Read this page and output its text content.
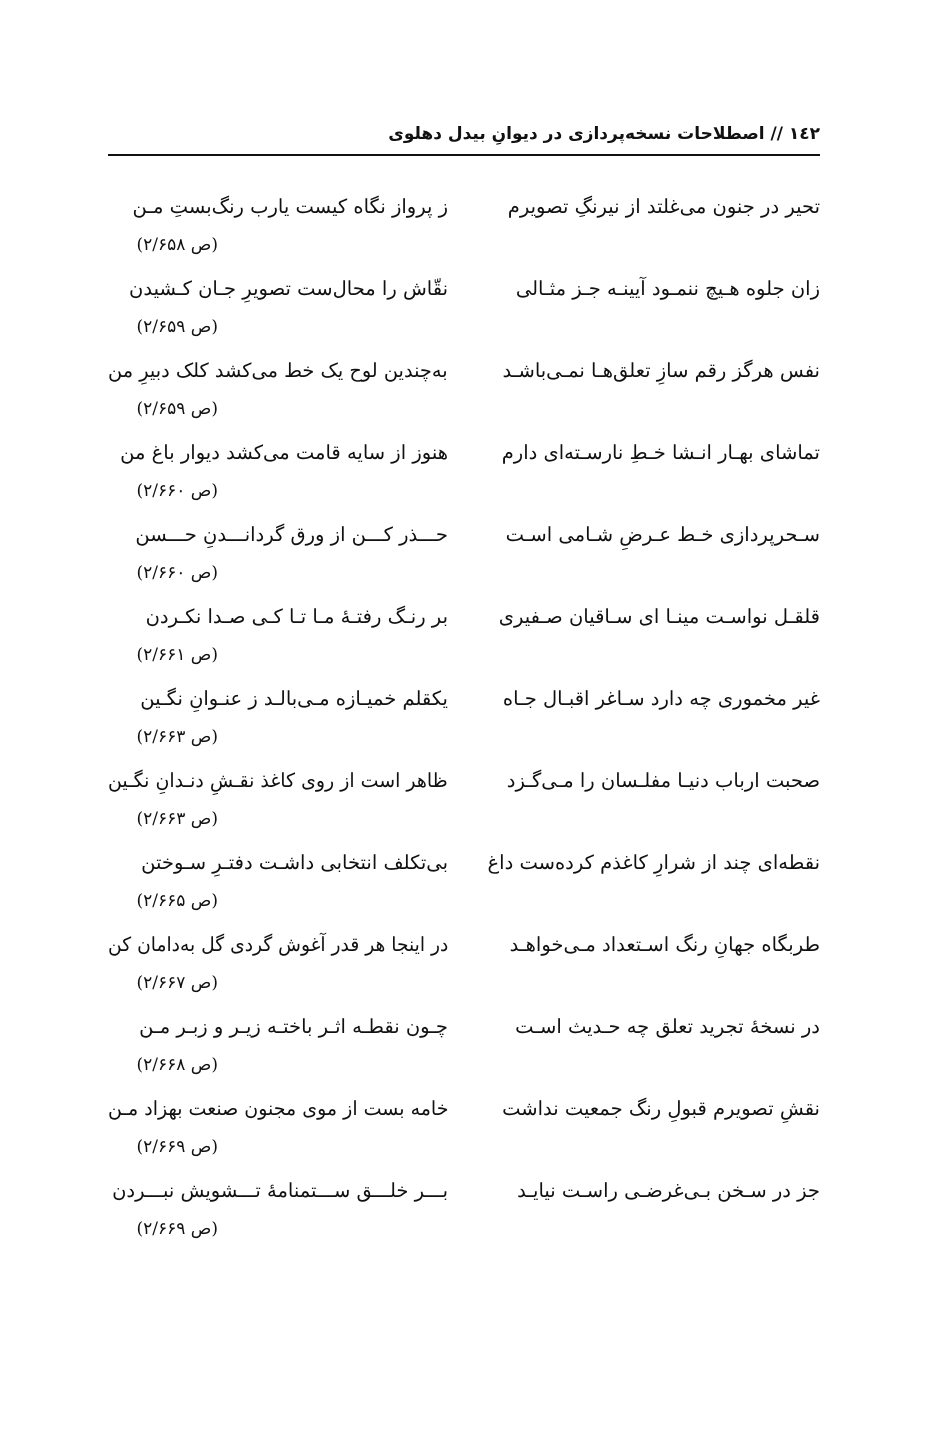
۱٤۲ // اصطلاحات نسخه‌پردازی در دیوانِ بیدل دهلوی
تحیر در جنون می‌غلتد از نیرنگِ تصویرم
ز پرواز نگاه کیست یارب رنگ‌بستِ مـن
(ص ۲/۶۵۸)
زان جلوه هـیچ ننمـود آیینـه جـز مثـالی
نقّاش را محال‌ست تصویرِ جـان کـشیدن
(ص ۲/۶۵۹)
نفس هرگز رقم سازِ تعلق‌هـا نمـی‌باشـد
به‌چندین لوح یک خط می‌کشد کلک دبیرِ من
(ص ۲/۶۵۹)
تماشای بهـار انـشا خـطِ نارسـته‌ای دارم
هنوز از سایه قامت می‌کشد دیوار باغ من
(ص ۲/۶۶۰)
سـحرپردازی خـط عـرضِ شـامی اسـت
حـــذر کـــن از ورق گردانـــدنِ حـــسن
(ص ۲/۶۶۰)
قلقـل نواسـت مینـا ای سـاقیان صـفیری
بر رنـگ رفتـهٔ مـا تـا کـی صـدا نکـردن
(ص ۲/۶۶۱)
غیر مخموری چه دارد سـاغر اقبـال جـاه
یکقلم خمیـازه مـی‌بالـد ز عنـوانِ نگـین
(ص ۲/۶۶۳)
صحبت ارباب دنیـا مفلـسان را مـی‌گـزد
ظاهر است از روی کاغذ نقـشِ دنـدانِ نگـین
(ص ۲/۶۶۳)
نقطه‌ای چند از شرارِ کاغذم کرده‌ست داغ
بی‌تکلف انتخابی داشـت دفتـرِ سـوختن
(ص ۲/۶۶۵)
طربگاه جهانِ رنگ اسـتعداد مـی‌خواهـد
در اینجا هر قدر آغوش گردی گل به‌دامان کن
(ص ۲/۶۶۷)
در نسخهٔ تجرید تعلق چه حـدیث اسـت
چـون نقطـه اثـر باختـه زیـر و زبـر مـن
(ص ۲/۶۶۸)
نقشِ تصویرم قبولِ رنگ جمعیت نداشت
خامه بست از موی مجنون صنعت بهزاد مـن
(ص ۲/۶۶۹)
جز در سـخن بـی‌غرضـی راسـت نیایـد
بـــر خلـــق ســـتمنامهٔ تـــشویش نبـــردن
(ص ۲/۶۶۹)
